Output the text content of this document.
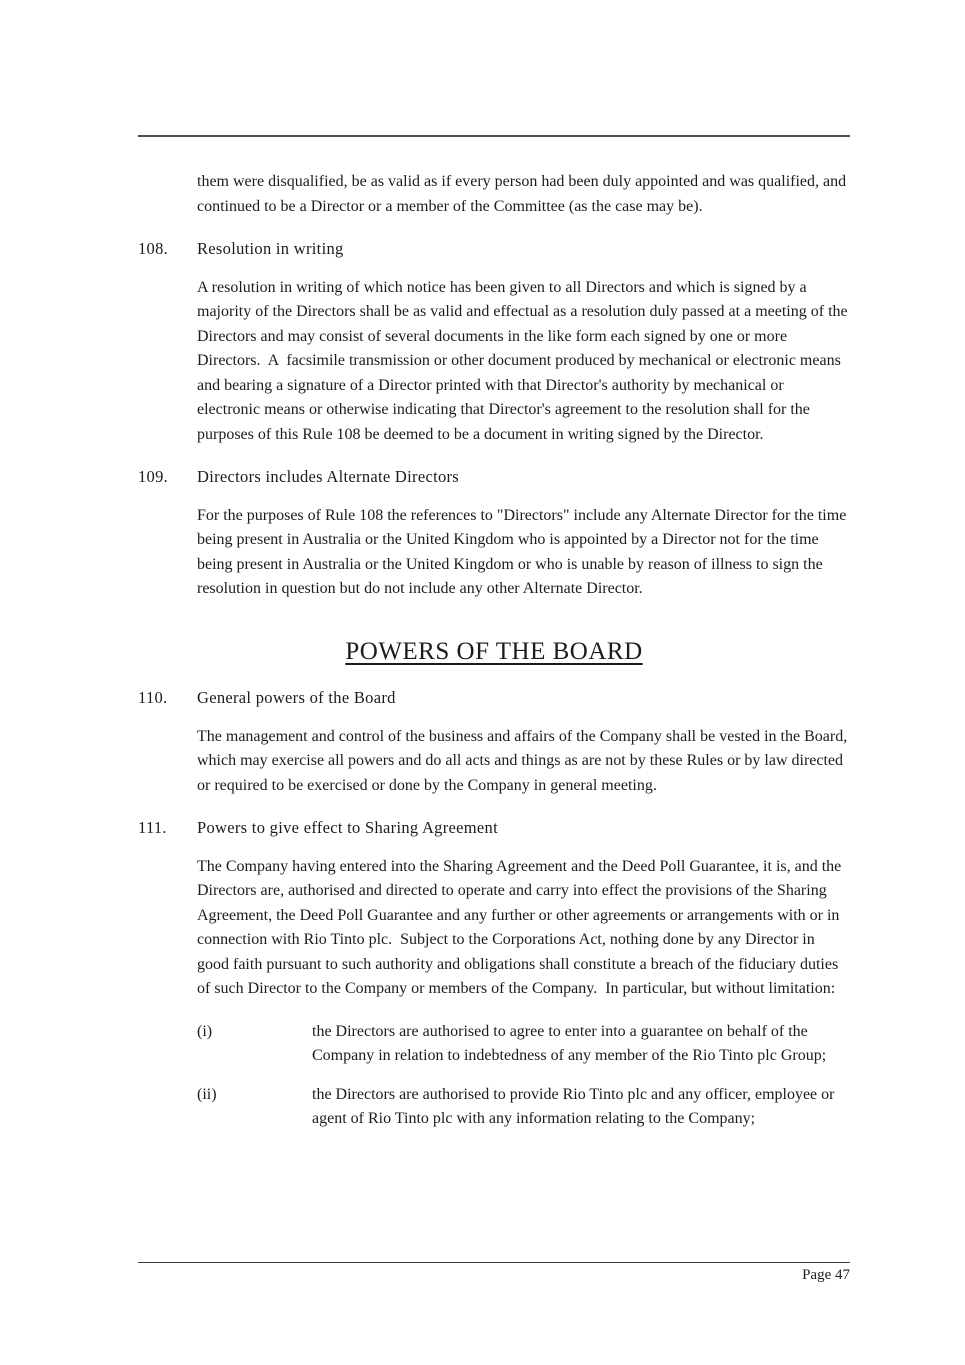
them were disqualified, be as valid as if every person had been duly appointed and was qualified, and continued to be a Director or a member of the Committee (as the case may be).

108.	Resolution in writing

A resolution in writing of which notice has been given to all Directors and which is signed by a majority of the Directors shall be as valid and effectual as a resolution duly passed at a meeting of the Directors and may consist of several documents in the like form each signed by one or more Directors.  A  facsimile transmission or other document produced by mechanical or electronic means and bearing a signature of a Director printed with that Director's authority by mechanical or electronic means or otherwise indicating that Director's agreement to the resolution shall for the purposes of this Rule 108 be deemed to be a document in writing signed by the Director.

109.	Directors includes Alternate Directors

For the purposes of Rule 108 the references to "Directors" include any Alternate Director for the time being present in Australia or the United Kingdom who is appointed by a Director not for the time being present in Australia or the United Kingdom or who is unable by reason of illness to sign the resolution in question but do not include any other Alternate Director.

POWERS OF THE BOARD
110.	General powers of the Board

The management and control of the business and affairs of the Company shall be vested in the Board, which may exercise all powers and do all acts and things as are not by these Rules or by law directed or required to be exercised or done by the Company in general meeting.

111.	Powers to give effect to Sharing Agreement

The Company having entered into the Sharing Agreement and the Deed Poll Guarantee, it is, and the Directors are, authorised and directed to operate and carry into effect the provisions of the Sharing Agreement, the Deed Poll Guarantee and any further or other agreements or arrangements with or in connection with Rio Tinto plc.  Subject to the Corporations Act, nothing done by any Director in good faith pursuant to such authority and obligations shall constitute a breach of the fiduciary duties of such Director to the Company or members of the Company.  In particular, but without limitation:

(i)	the Directors are authorised to agree to enter into a guarantee on behalf of the Company in relation to indebtedness of any member of the Rio Tinto plc Group;
(ii)	the Directors are authorised to provide Rio Tinto plc and any officer, employee or agent of Rio Tinto plc with any information relating to the Company;
Page 47
